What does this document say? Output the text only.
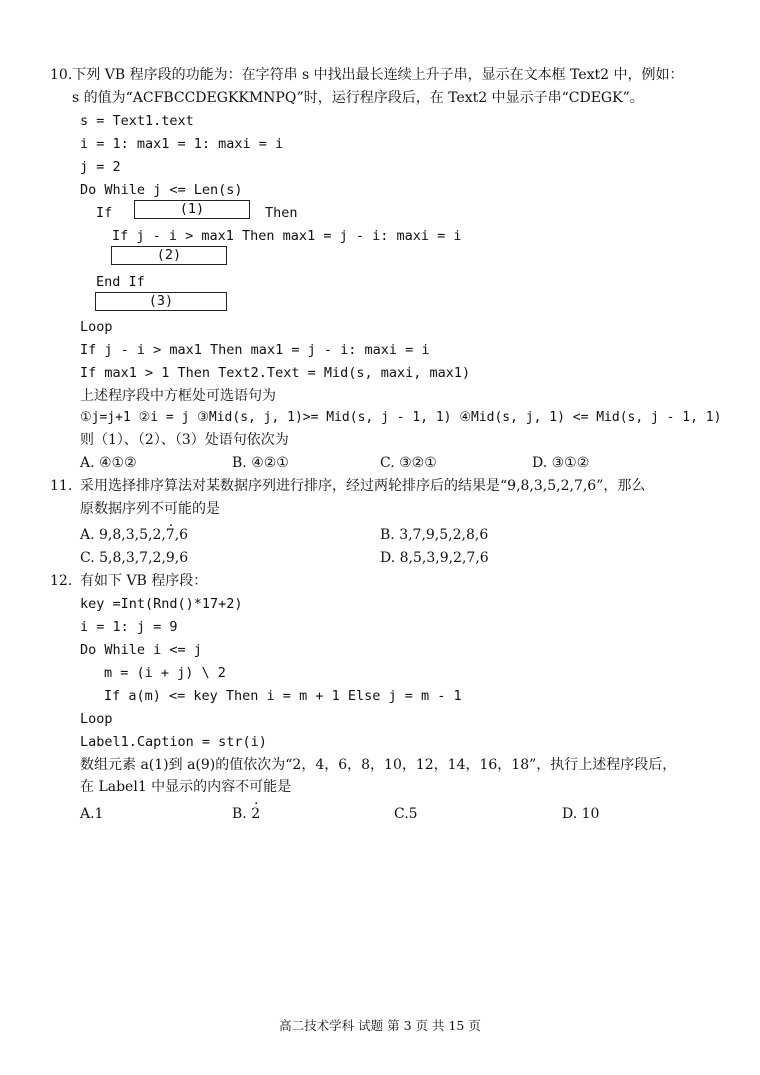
10.下列 VB 程序段的功能为：在字符串 s 中找出最长连续上升子串，显示在文本框 Text2 中，例如：
s 的值为“ACFBCCDEGKKMNPQ”时，运行程序段后，在 Text2 中显示子串“CDEGK”。
s = Text1.text
i = 1: max1 = 1: maxi = i
j = 2
Do While j <= Len(s)
If	(1)	Then
If j - i > max1 Then max1 = j - i: maxi = i
(2)
End If
(3)
Loop
If j - i > max1 Then max1 = j - i: maxi = i
If max1 > 1 Then Text2.Text = Mid(s, maxi, max1)
上述程序段中方框处可选语句为
①j=j+1 ②i = j ③Mid(s, j, 1)>= Mid(s, j - 1, 1) ④Mid(s, j, 1) <= Mid(s, j - 1, 1)
则（1）、（2）、（3）处语句依次为
A. ④①②	B. ④②①	C. ③②①	D. ③①②
11. 采用选择排序算法对某数据序列进行排序，经过两轮排序后的结果是“9,8,3,5,2,7,6”，那么
原数据序列不可能的是
A. 9,8,3,5,2,7,6	B. 3,7,9,5,2,8,6
C. 5,8,3,7,2,9,6	D. 8,5,3,9,2,7,6
12. 有如下 VB 程序段：
key =Int(Rnd()*17+2)
i = 1: j = 9
Do While i <= j
m = (i + j) \ 2
If a(m) <= key Then i = m + 1 Else j = m - 1
Loop
Label1.Caption = str(i)
数组元素 a(1)到 a(9)的值依次为“2，4，6，8，10，12，14，16，18”，执行上述程序段后，
在 Label1 中显示的内容不可能是
A.1	B. 2	C.5	D. 10
高二技术学科 试题 第 3 页 共 15 页
